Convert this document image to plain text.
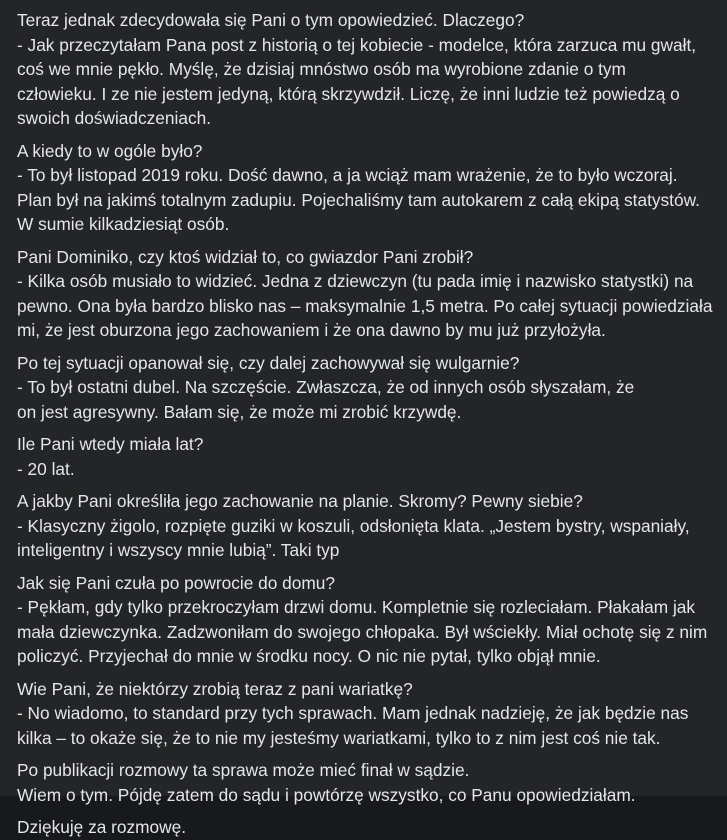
Teraz jednak zdecydowała się Pani o tym opowiedzieć. Dlaczego?
- Jak przeczytałam Pana post z historią o tej kobiecie - modelce, która zarzuca mu gwałt,
coś we mnie pękło. Myślę, że dzisiaj mnóstwo osób ma wyrobione zdanie o tym
człowieku. I ze nie jestem jedyną, którą skrzywdził. Liczę, że inni ludzie też powiedzą o
swoich doświadczeniach.
A kiedy to w ogóle było?
- To był listopad 2019 roku. Dość dawno, a ja wciąż mam wrażenie, że to było wczoraj.
Plan był na jakimś totalnym zadupiu. Pojechaliśmy tam autokarem z całą ekipą statystów.
W sumie kilkadziesiąt osób.
Pani Dominiko, czy ktoś widział to, co gwiazdor Pani zrobił?
- Kilka osób musiało to widzieć. Jedna z dziewczyn (tu pada imię i nazwisko statystki) na
pewno. Ona była bardzo blisko nas – maksymalnie 1,5 metra. Po całej sytuacji powiedziała
mi, że jest oburzona jego zachowaniem i że ona dawno by mu już przyłożyła.
Po tej sytuacji opanował się, czy dalej zachowywał się wulgarnie?
- To był ostatni dubel. Na szczęście. Zwłaszcza, że od innych osób słyszałam, że
on jest agresywny. Bałam się, że może mi zrobić krzywdę.
Ile Pani wtedy miała lat?
- 20 lat.
A jakby Pani określiła jego zachowanie na planie. Skromy? Pewny siebie?
- Klasyczny żigolo, rozpięte guziki w koszuli, odsłonięta klata. „Jestem bystry, wspaniały,
inteligentny i wszyscy mnie lubią”. Taki typ
Jak się Pani czuła po powrocie do domu?
- Pękłam, gdy tylko przekroczyłam drzwi domu. Kompletnie się rozleciałam. Płakałam jak
mała dziewczynka. Zadzwoniłam do swojego chłopaka. Był wściekły. Miał ochotę się z nim
policzyć. Przyjechał do mnie w środku nocy. O nic nie pytał, tylko objął mnie.
Wie Pani, że niektórzy zrobią teraz z pani wariatkę?
- No wiadomo, to standard przy tych sprawach. Mam jednak nadzieję, że jak będzie nas
kilka – to okaże się, że to nie my jesteśmy wariatkami, tylko to z nim jest coś nie tak.
Po publikacji rozmowy ta sprawa może mieć finał w sądzie.
Wiem o tym. Pójdę zatem do sądu i powtórzę wszystko, co Panu opowiedziałam.
Dziękuję za rozmowę.
